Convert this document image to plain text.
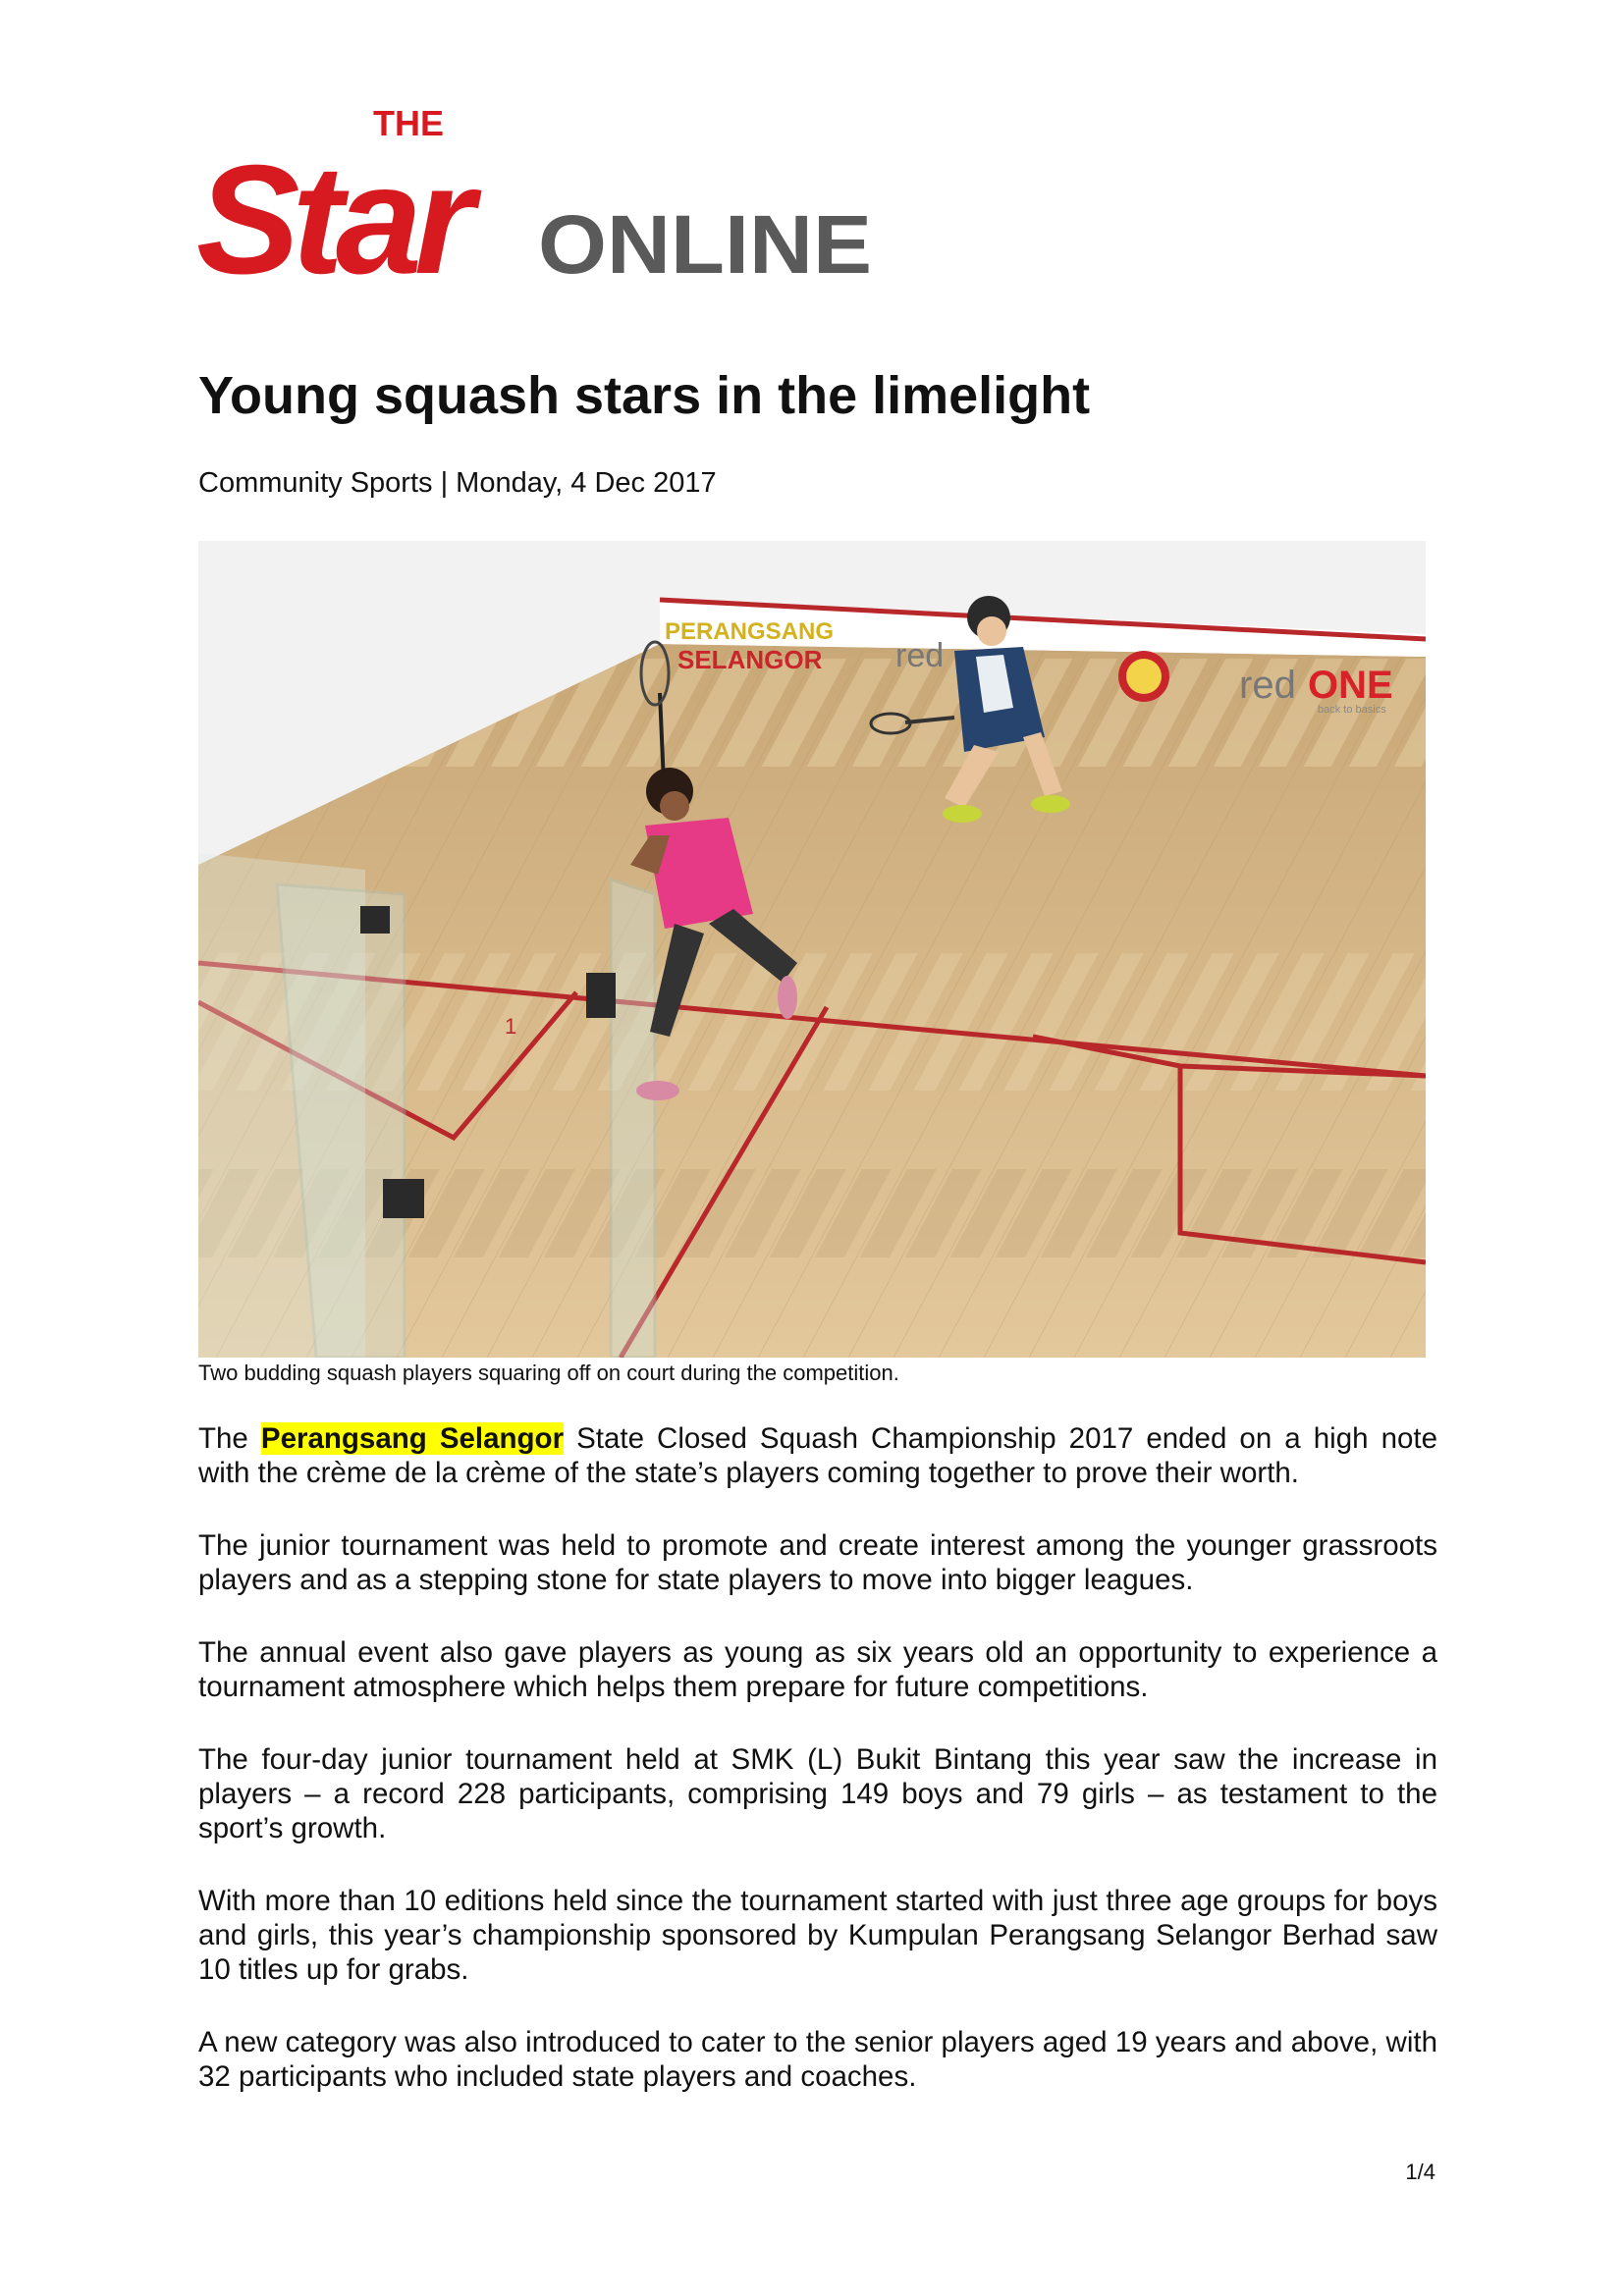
THE
Star ONLINE
Young squash stars in the limelight
Community Sports | Monday, 4 Dec 2017
PERANGSANG
SELANGOR red
red ONE
back to basics
1
Two budding squash players squaring off on court during the competition.

The Perangsang Selangor State Closed Squash Championship 2017 ended on a high note with the crème de la crème of the state’s players coming together to prove their worth.

The junior tournament was held to promote and create interest among the younger grassroots players and as a stepping stone for state players to move into bigger leagues.

The annual event also gave players as young as six years old an opportunity to experience a tournament atmosphere which helps them prepare for future competitions.

The four-day junior tournament held at SMK (L) Bukit Bintang this year saw the increase in players – a record 228 participants, comprising 149 boys and 79 girls – as testament to the sport’s growth.

With more than 10 editions held since the tournament started with just three age groups for boys and girls, this year’s championship sponsored by Kumpulan Perangsang Selangor Berhad saw 10 titles up for grabs.

A new category was also introduced to cater to the senior players aged 19 years and above, with 32 participants who included state players and coaches.

1/4
